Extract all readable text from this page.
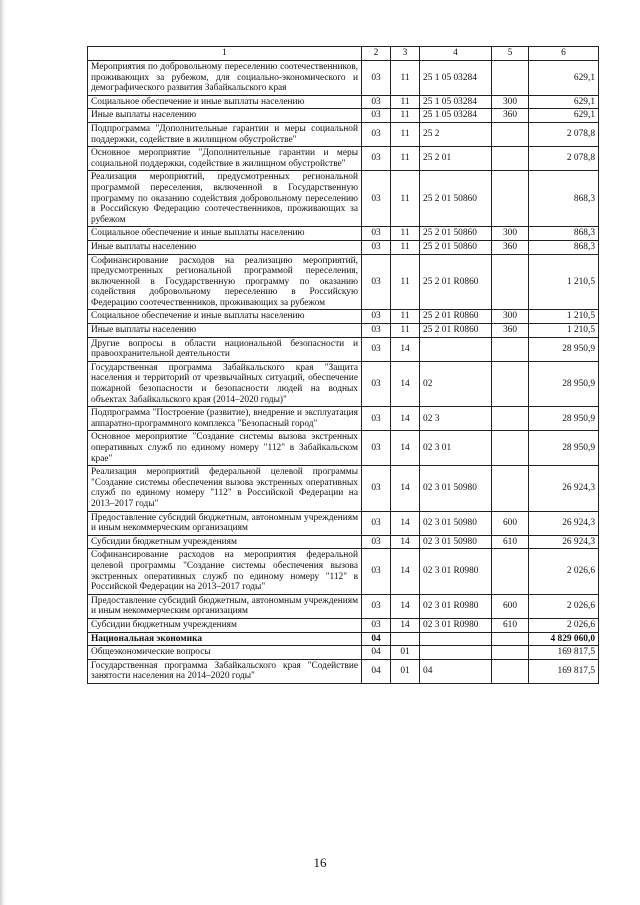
1	2	3	4	5	6
Мероприятия по добровольному переселению соотечественников, проживающих за рубежом, для социально-экономического и демографического развития Забайкальского края	03	11	25 1 05 03284		629,1
Социальное обеспечение и иные выплаты населению	03	11	25 1 05 03284	300	629,1
Иные выплаты населению	03	11	25 1 05 03284	360	629,1
Подпрограмма "Дополнительные гарантии и меры социальной поддержки, содействие в жилищном обустройстве"	03	11	25 2		2 078,8
Основное мероприятие "Дополнительные гарантии и меры социальной поддержки, содействие в жилищном обустройстве"	03	11	25 2 01		2 078,8
Реализация мероприятий, предусмотренных региональной программой переселения, включенной в Государственную программу по оказанию содействия добровольному переселению в Российскую Федерацию соотечественников, проживающих за рубежом	03	11	25 2 01 50860		868,3
Социальное обеспечение и иные выплаты населению	03	11	25 2 01 50860	300	868,3
Иные выплаты населению	03	11	25 2 01 50860	360	868,3
Софинансирование расходов на реализацию мероприятий, предусмотренных региональной программой переселения, включенной в Государственную программу по оказанию содействия добровольному переселению в Российскую Федерацию соотечественников, проживающих за рубежом	03	11	25 2 01 R0860		1 210,5
Социальное обеспечение и иные выплаты населению	03	11	25 2 01 R0860	300	1 210,5
Иные выплаты населению	03	11	25 2 01 R0860	360	1 210,5
Другие вопросы в области национальной безопасности и правоохранительной деятельности	03	14			28 950,9
Государственная программа Забайкальского края "Защита населения и территорий от чрезвычайных ситуаций, обеспечение пожарной безопасности и безопасности людей на водных объектах Забайкальского края (2014–2020 годы)"	03	14	02		28 950,9
Подпрограмма "Построение (развитие), внедрение и эксплуатация аппаратно-программного комплекса "Безопасный город"	03	14	02 3		28 950,9
Основное мероприятие "Создание системы вызова экстренных оперативных служб по единому номеру "112" в Забайкальском крае"	03	14	02 3 01		28 950,9
Реализация мероприятий федеральной целевой программы "Создание системы обеспечения вызова экстренных оперативных служб по единому номеру "112" в Российской Федерации на 2013–2017 годы"	03	14	02 3 01 50980		26 924,3
Предоставление субсидий бюджетным, автономным учреждениям и иным некоммерческим организациям	03	14	02 3 01 50980	600	26 924,3
Субсидии бюджетным учреждениям	03	14	02 3 01 50980	610	26 924,3
Софинансирование расходов на мероприятия федеральной целевой программы "Создание системы обеспечения вызова экстренных оперативных служб по единому номеру "112" в Российской Федерации на 2013–2017 годы"	03	14	02 3 01 R0980		2 026,6
Предоставление субсидий бюджетным, автономным учреждениям и иным некоммерческим организациям	03	14	02 3 01 R0980	600	2 026,6
Субсидии бюджетным учреждениям	03	14	02 3 01 R0980	610	2 026,6
Национальная экономика	04				4 829 060,0
Общеэкономические вопросы	04	01			169 817,5
Государственная программа Забайкальского края "Содействие занятости населения на 2014–2020 годы"	04	01	04		169 817,5
16
